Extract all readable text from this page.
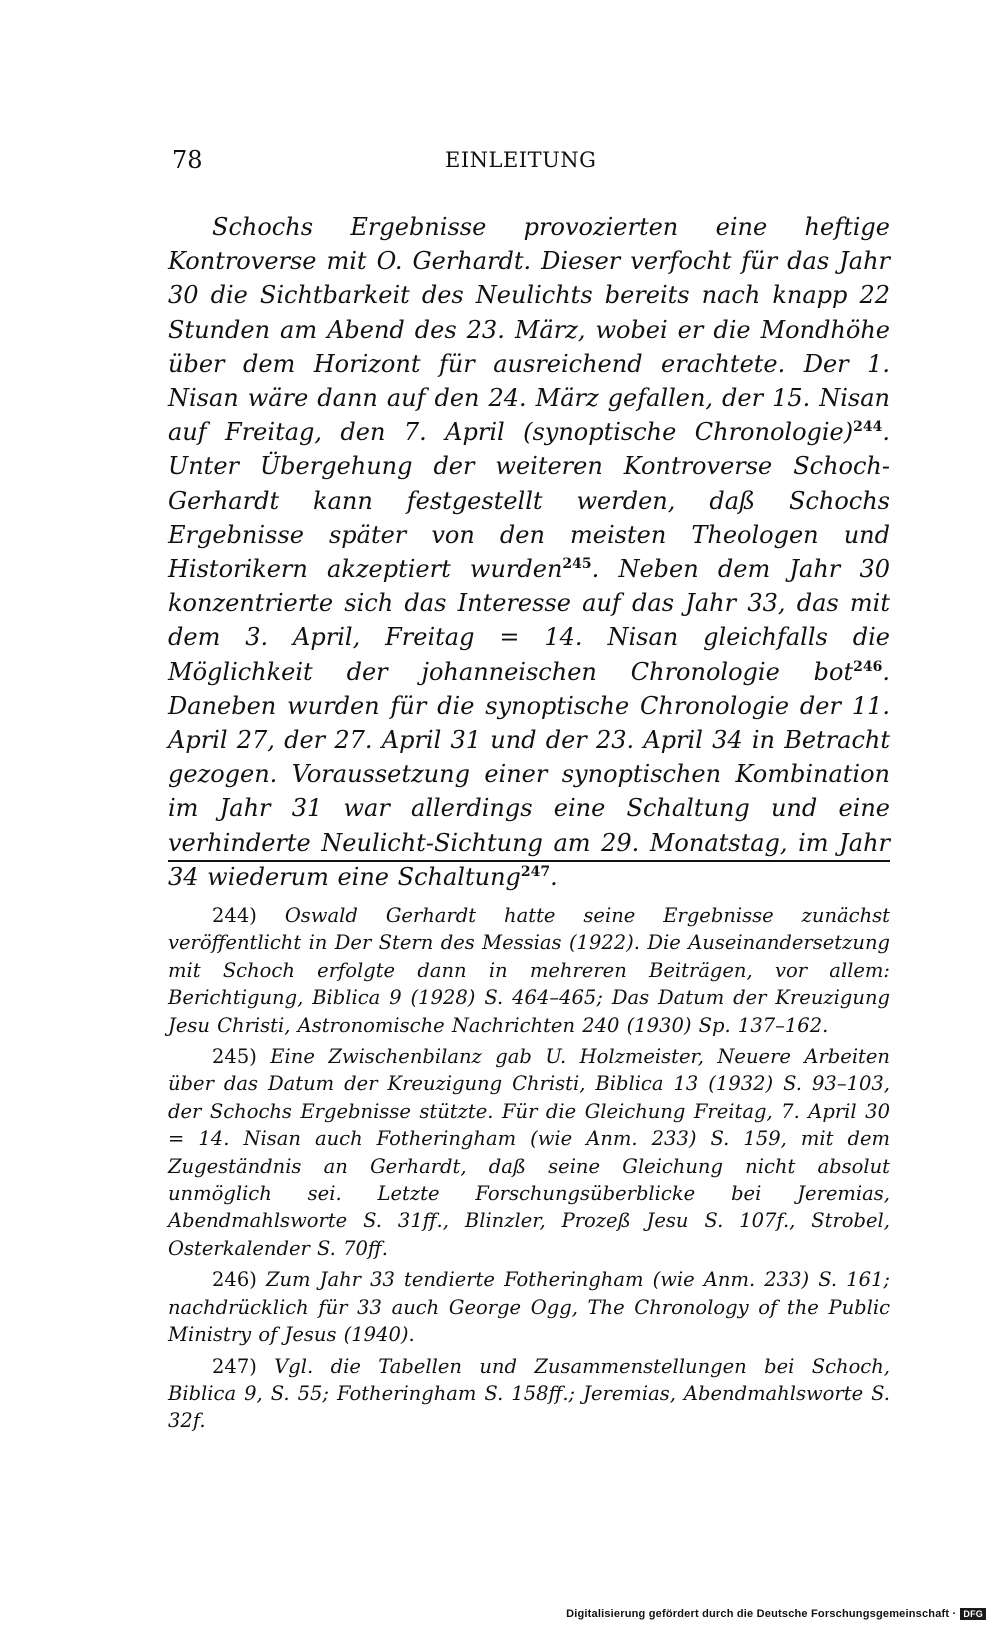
78	EINLEITUNG
Schochs Ergebnisse provozierten eine heftige Kontroverse mit O. Gerhardt. Dieser verfocht für das Jahr 30 die Sichtbarkeit des Neulichts bereits nach knapp 22 Stunden am Abend des 23. März, wobei er die Mondhöhe über dem Horizont für ausreichend erachtete. Der 1. Nisan wäre dann auf den 24. März gefallen, der 15. Nisan auf Freitag, den 7. April (synoptische Chronologie)$^{244}$. Unter Übergehung der weiteren Kontroverse Schoch-Gerhardt kann festgestellt werden, daß Schochs Ergebnisse später von den meisten Theologen und Historikern akzeptiert wurden$^{245}$. Neben dem Jahr 30 konzentrierte sich das Interesse auf das Jahr 33, das mit dem 3. April, Freitag = 14. Nisan gleichfalls die Möglichkeit der johanneischen Chronologie bot$^{246}$. Daneben wurden für die synoptische Chronologie der 11. April 27, der 27. April 31 und der 23. April 34 in Betracht gezogen. Voraussetzung einer synoptischen Kombination im Jahr 31 war allerdings eine Schaltung und eine verhinderte Neulicht-Sichtung am 29. Monatstag, im Jahr 34 wiederum eine Schaltung$^{247}$.

244) Oswald Gerhardt hatte seine Ergebnisse zunächst veröffentlicht in Der Stern des Messias (1922). Die Auseinandersetzung mit Schoch erfolgte dann in mehreren Beiträgen, vor allem: Berichtigung, Biblica 9 (1928) S. 464–465; Das Datum der Kreuzigung Jesu Christi, Astronomische Nachrichten 240 (1930) Sp. 137–162.

245) Eine Zwischenbilanz gab U. Holzmeister, Neuere Arbeiten über das Datum der Kreuzigung Christi, Biblica 13 (1932) S. 93–103, der Schochs Ergebnisse stützte. Für die Gleichung Freitag, 7. April 30 = 14. Nisan auch Fotheringham (wie Anm. 233) S. 159, mit dem Zugeständnis an Gerhardt, daß seine Gleichung nicht absolut unmöglich sei. Letzte Forschungsüberblicke bei Jeremias, Abendmahlsworte S. 31ff., Blinzler, Prozeß Jesu S. 107f., Strobel, Osterkalender S. 70ff.

246) Zum Jahr 33 tendierte Fotheringham (wie Anm. 233) S. 161; nachdrücklich für 33 auch George Ogg, The Chronology of the Public Ministry of Jesus (1940).

247) Vgl. die Tabellen und Zusammenstellungen bei Schoch, Biblica 9, S. 55; Fotheringham S. 158ff.; Jeremias, Abendmahlsworte S. 32f.

Digitalisierung gefördert durch die Deutsche Forschungsgemeinschaft · DFG
